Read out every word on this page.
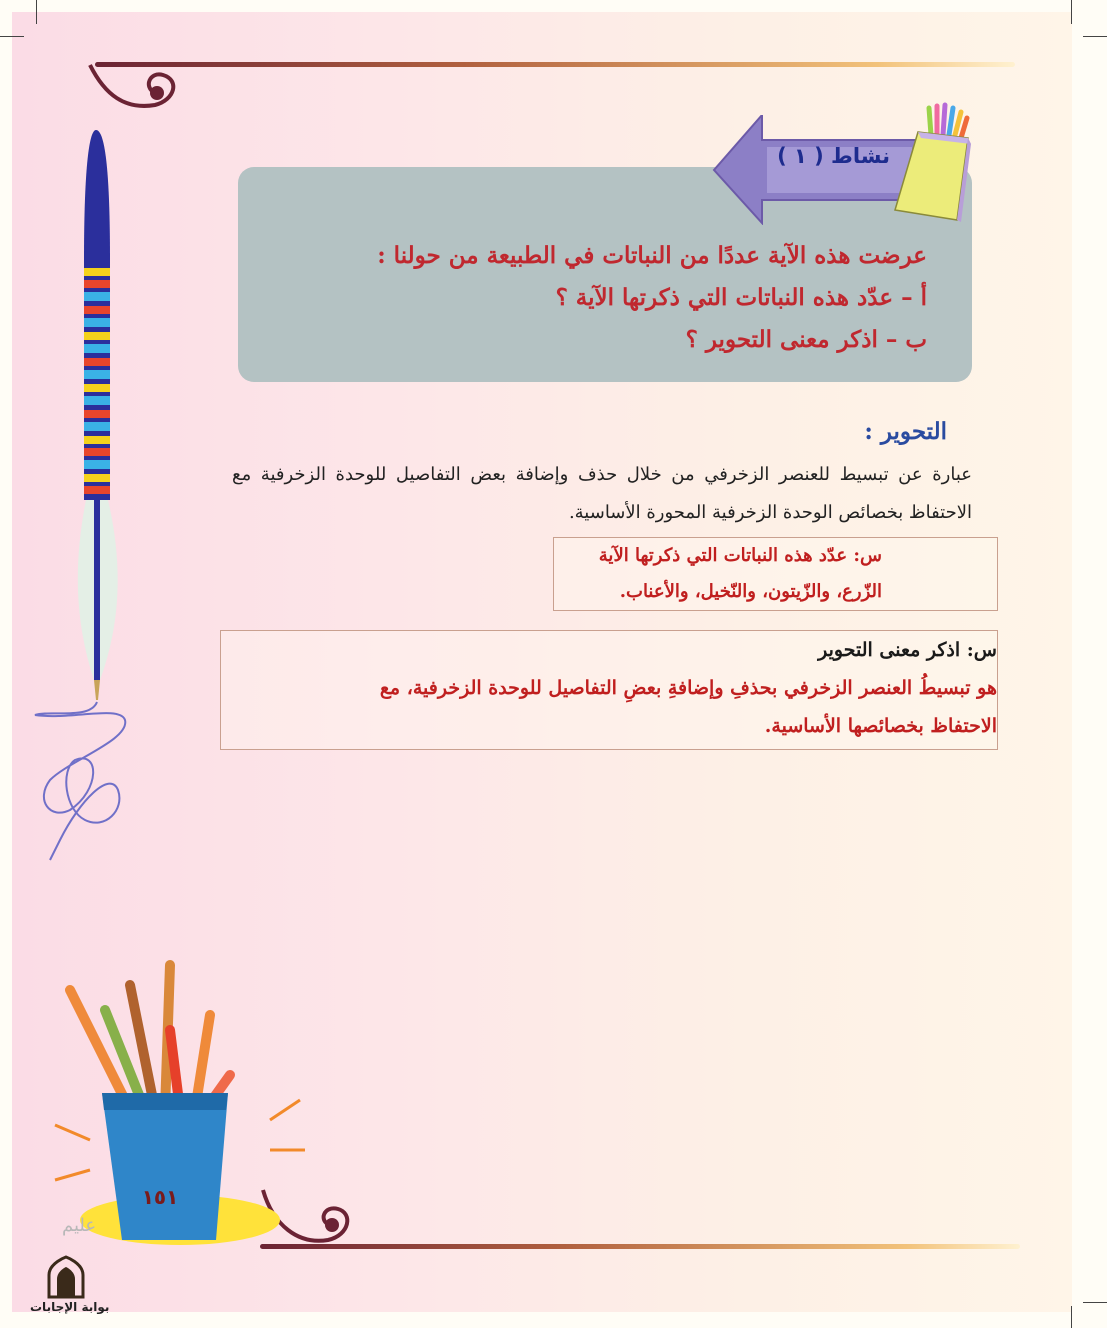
١٥١
عليم
بوابة الإجابات
نشاط ( ١ )
عرضت هذه الآية عددًا من النباتات في الطبيعة من حولنا :
أ – عدّد هذه النباتات التي ذكرتها الآية ؟
ب – اذكر معنى التحوير ؟
التحوير :
عبارة عن تبسيط للعنصر الزخرفي من خلال حذف وإضافة بعض التفاصيل للوحدة الزخرفية مع الاحتفاظ بخصائص الوحدة الزخرفية المحورة الأساسية.
س: عدّد هذه النباتات التي ذكرتها الآية
الزّرع، والزّيتون، والنّخيل، والأعناب.
س: اذكر معنى التحوير
هو تبسيطُ العنصر الزخرفي بحذفِ وإضافةِ بعضِ التفاصيل للوحدة الزخرفية، مع
الاحتفاظ بخصائصها الأساسية.
